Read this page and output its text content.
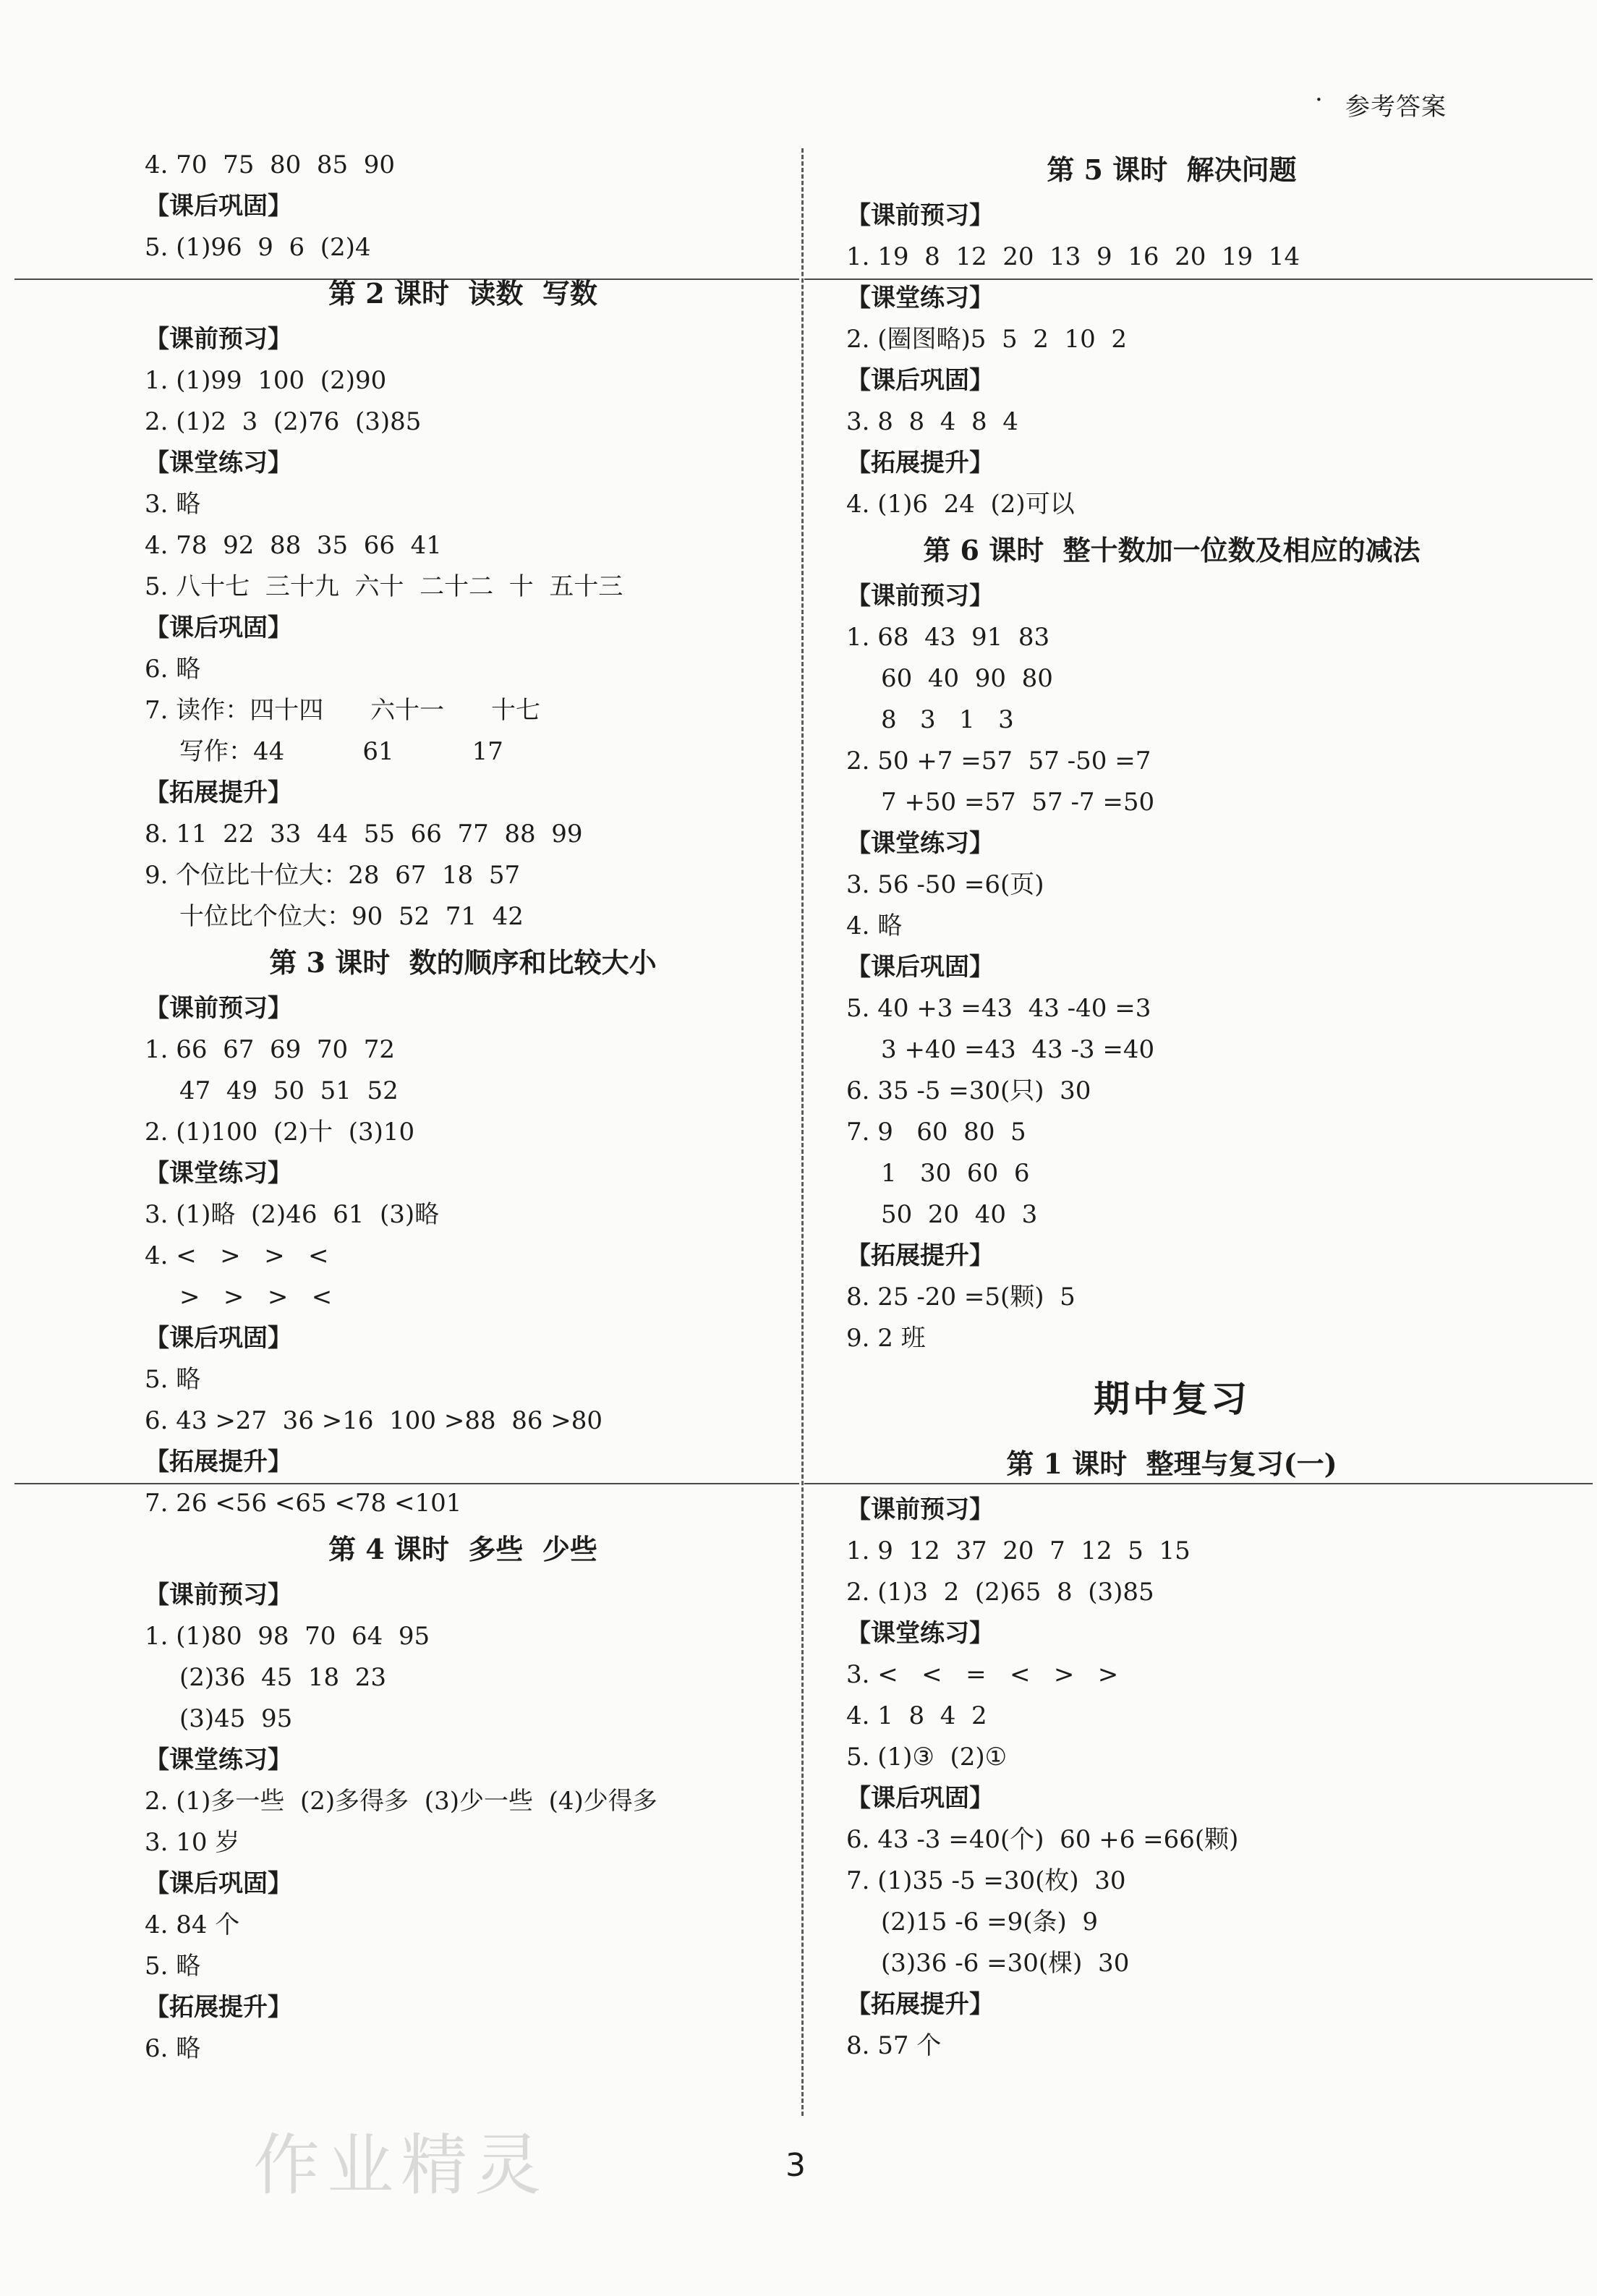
· 参考答案
4. 70  75  80  85  90
【课后巩固】
5. (1)96  9  6  (2)4
第 2 课时  读数  写数
【课前预习】
1. (1)99  100  (2)90
2. (1)2  3  (2)76  (3)85
【课堂练习】
3. 略
4. 78  92  88  35  66  41
5. 八十七  三十九  六十  二十二  十  五十三
【课后巩固】
6. 略
7. 读作：四十四      六十一      十七
写作：44          61          17
【拓展提升】
8. 11  22  33  44  55  66  77  88  99
9. 个位比十位大：28  67  18  57
十位比个位大：90  52  71  42
第 3 课时  数的顺序和比较大小
【课前预习】
1. 66  67  69  70  72
47  49  50  51  52
2. (1)100  (2)十  (3)10
【课堂练习】
3. (1)略  (2)46  61  (3)略
4. <   >   >   <
>   >   >   <
【课后巩固】
5. 略
6. 43 >27  36 >16  100 >88  86 >80
【拓展提升】
7. 26 <56 <65 <78 <101
第 4 课时  多些  少些
【课前预习】
1. (1)80  98  70  64  95
(2)36  45  18  23
(3)45  95
【课堂练习】
2. (1)多一些  (2)多得多  (3)少一些  (4)少得多
3. 10 岁
【课后巩固】
4. 84 个
5. 略
【拓展提升】
6. 略
第 5 课时  解决问题
【课前预习】
1. 19  8  12  20  13  9  16  20  19  14
【课堂练习】
2. (圈图略)5  5  2  10  2
【课后巩固】
3. 8  8  4  8  4
【拓展提升】
4. (1)6  24  (2)可以
第 6 课时  整十数加一位数及相应的减法
【课前预习】
1. 68  43  91  83
60  40  90  80
8   3   1   3
2. 50 +7 =57  57 -50 =7
7 +50 =57  57 -7 =50
【课堂练习】
3. 56 -50 =6(页)
4. 略
【课后巩固】
5. 40 +3 =43  43 -40 =3
3 +40 =43  43 -3 =40
6. 35 -5 =30(只)  30
7. 9   60  80  5
1   30  60  6
50  20  40  3
【拓展提升】
8. 25 -20 =5(颗)  5
9. 2 班
期中复习
第 1 课时  整理与复习(一)
【课前预习】
1. 9  12  37  20  7  12  5  15
2. (1)3  2  (2)65  8  (3)85
【课堂练习】
3. <   <   =   <   >   >
4. 1  8  4  2
5. (1)③  (2)①
【课后巩固】
6. 43 -3 =40(个)  60 +6 =66(颗)
7. (1)35 -5 =30(枚)  30
(2)15 -6 =9(条)  9
(3)36 -6 =30(棵)  30
【拓展提升】
8. 57 个
作业精灵	3
